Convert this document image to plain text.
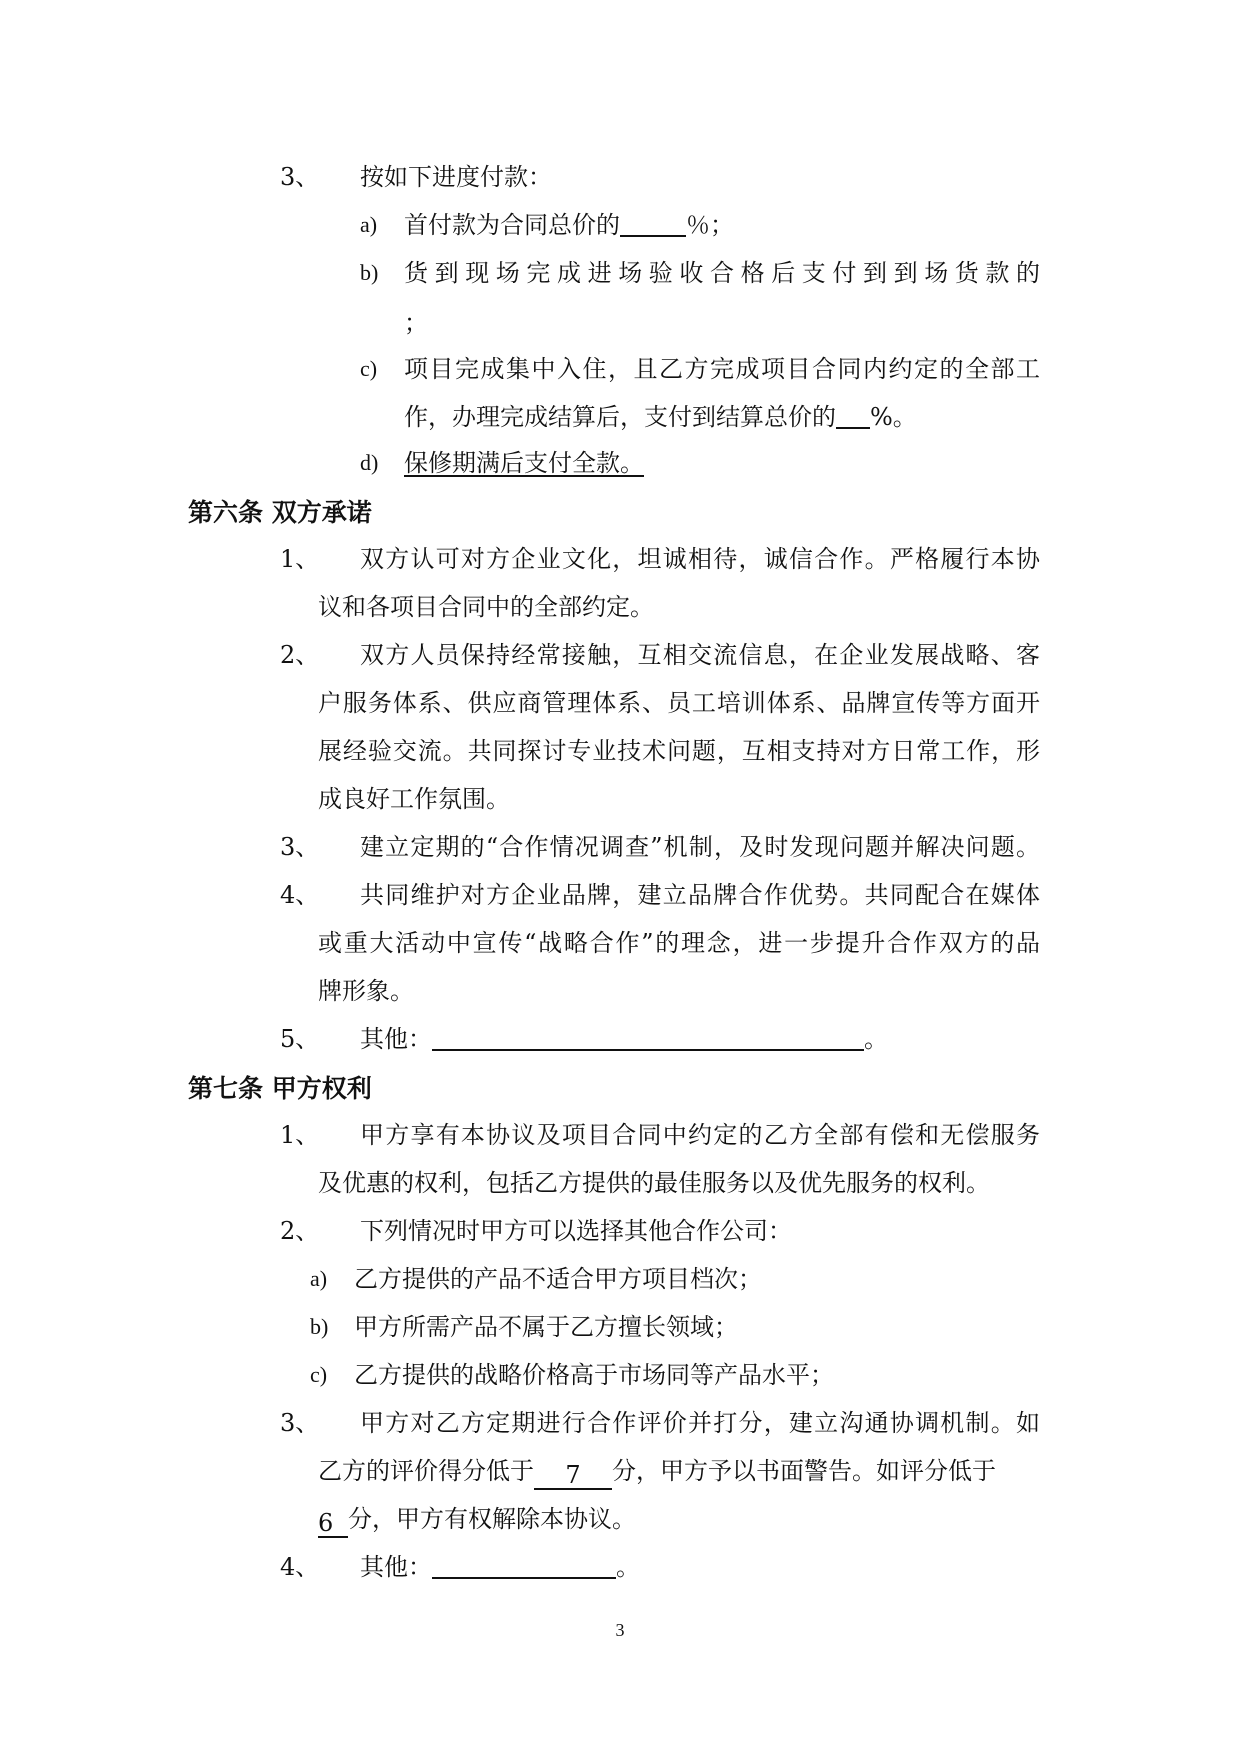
3、 按如下进度付款：
a) 首付款为合同总价的	％；
b) 货到现场完成进场验收合格后支付到到场货款的
；
c) 项目完成集中入住，且乙方完成项目合同内约定的全部工
作，办理完成结算后，支付到结算总价的 %。
d) 保修期满后支付全款。
第六条 双方承诺
1、 双方认可对方企业文化，坦诚相待，诚信合作。严格履行本协
议和各项目合同中的全部约定。
2、 双方人员保持经常接触，互相交流信息，在企业发展战略、客
户服务体系、供应商管理体系、员工培训体系、品牌宣传等方面开
展经验交流。共同探讨专业技术问题，互相支持对方日常工作，形
成良好工作氛围。
3、 建立定期的“合作情况调查”机制，及时发现问题并解决问题。
4、 共同维护对方企业品牌，建立品牌合作优势。共同配合在媒体
或重大活动中宣传“战略合作”的理念，进一步提升合作双方的品
牌形象。
5、 其他：	。
第七条 甲方权利
1、 甲方享有本协议及项目合同中约定的乙方全部有偿和无偿服务
及优惠的权利，包括乙方提供的最佳服务以及优先服务的权利。
2、 下列情况时甲方可以选择其他合作公司：
a) 乙方提供的产品不适合甲方项目档次；
b) 甲方所需产品不属于乙方擅长领域；
c) 乙方提供的战略价格高于市场同等产品水平；
3、 甲方对乙方定期进行合作评价并打分，建立沟通协调机制。如
乙方的评价得分低于 7 分，甲方予以书面警告。如评分低于
6 分，甲方有权解除本协议。
4、 其他：	。
3
